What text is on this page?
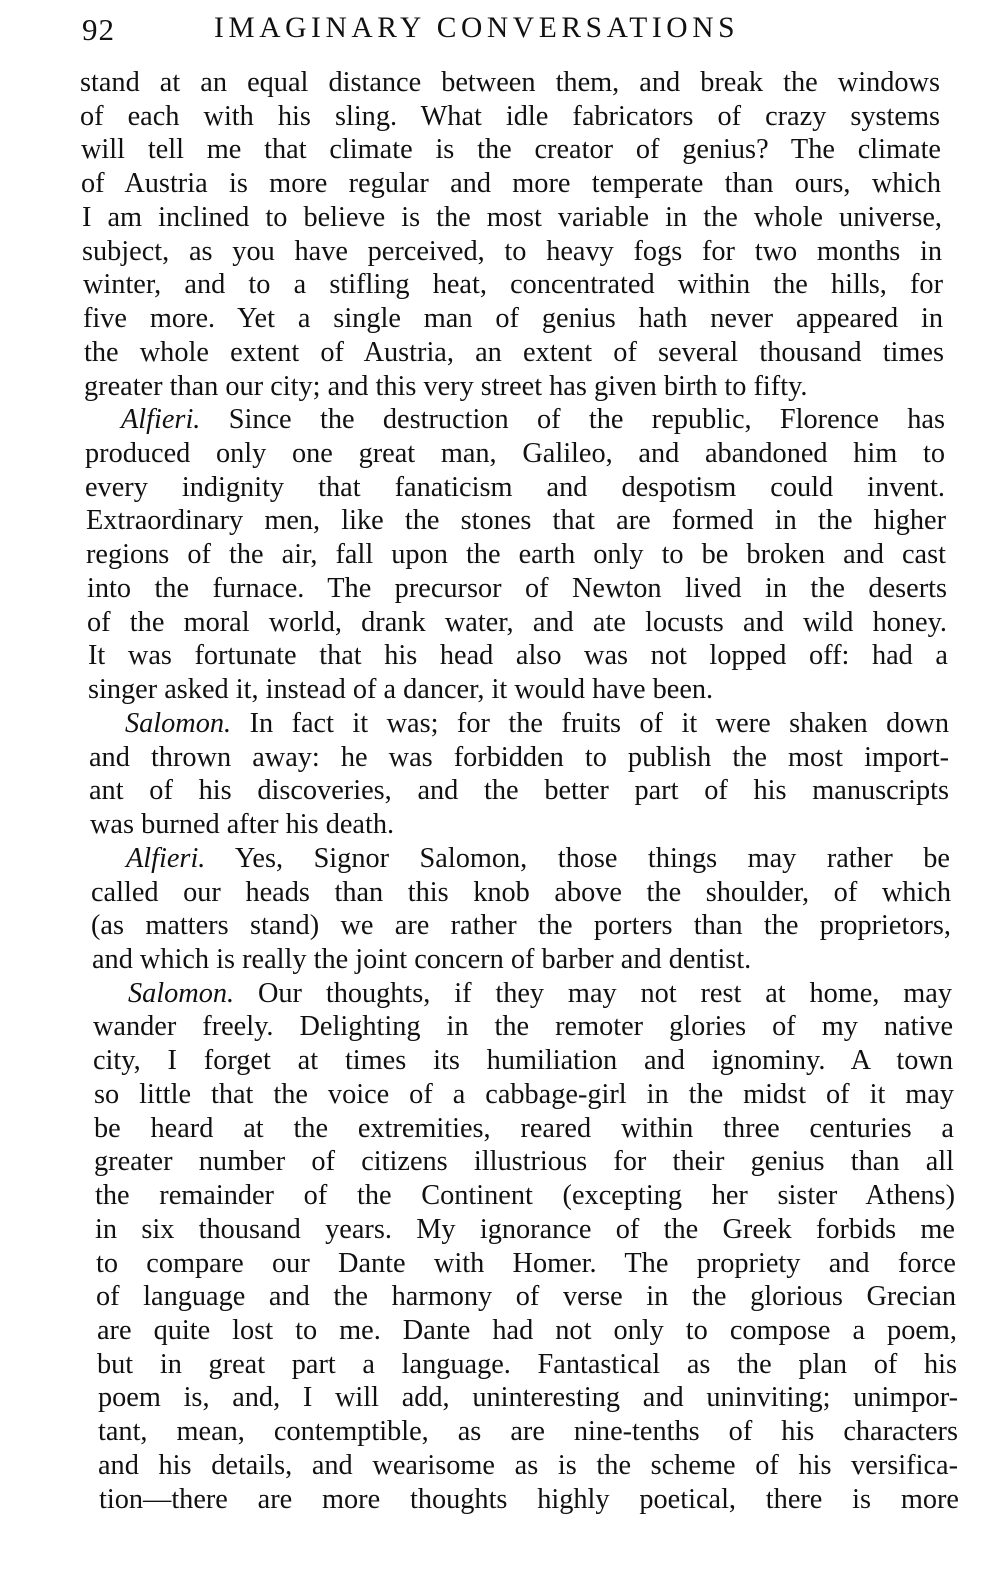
92	IMAGINARY CONVERSATIONS
stand at an equal distance between them, and break the windows
of each with his sling. What idle fabricators of crazy systems
will tell me that climate is the creator of genius? The climate
of Austria is more regular and more temperate than ours, which
I am inclined to believe is the most variable in the whole universe,
subject, as you have perceived, to heavy fogs for two months in
winter, and to a stifling heat, concentrated within the hills, for
five more. Yet a single man of genius hath never appeared in
the whole extent of Austria, an extent of several thousand times
greater than our city; and this very street has given birth to fifty.
Alfieri. Since the destruction of the republic, Florence has
produced only one great man, Galileo, and abandoned him to
every indignity that fanaticism and despotism could invent.
Extraordinary men, like the stones that are formed in the higher
regions of the air, fall upon the earth only to be broken and cast
into the furnace. The precursor of Newton lived in the deserts
of the moral world, drank water, and ate locusts and wild honey.
It was fortunate that his head also was not lopped off: had a
singer asked it, instead of a dancer, it would have been.
Salomon. In fact it was; for the fruits of it were shaken down
and thrown away: he was forbidden to publish the most import-
ant of his discoveries, and the better part of his manuscripts
was burned after his death.
Alfieri. Yes, Signor Salomon, those things may rather be
called our heads than this knob above the shoulder, of which
(as matters stand) we are rather the porters than the proprietors,
and which is really the joint concern of barber and dentist.
Salomon. Our thoughts, if they may not rest at home, may
wander freely. Delighting in the remoter glories of my native
city, I forget at times its humiliation and ignominy. A town
so little that the voice of a cabbage-girl in the midst of it may
be heard at the extremities, reared within three centuries a
greater number of citizens illustrious for their genius than all
the remainder of the Continent (excepting her sister Athens)
in six thousand years. My ignorance of the Greek forbids me
to compare our Dante with Homer. The propriety and force
of language and the harmony of verse in the glorious Grecian
are quite lost to me. Dante had not only to compose a poem,
but in great part a language. Fantastical as the plan of his
poem is, and, I will add, uninteresting and uninviting; unimpor-
tant, mean, contemptible, as are nine-tenths of his characters
and his details, and wearisome as is the scheme of his versifica-
tion—there are more thoughts highly poetical, there is more
